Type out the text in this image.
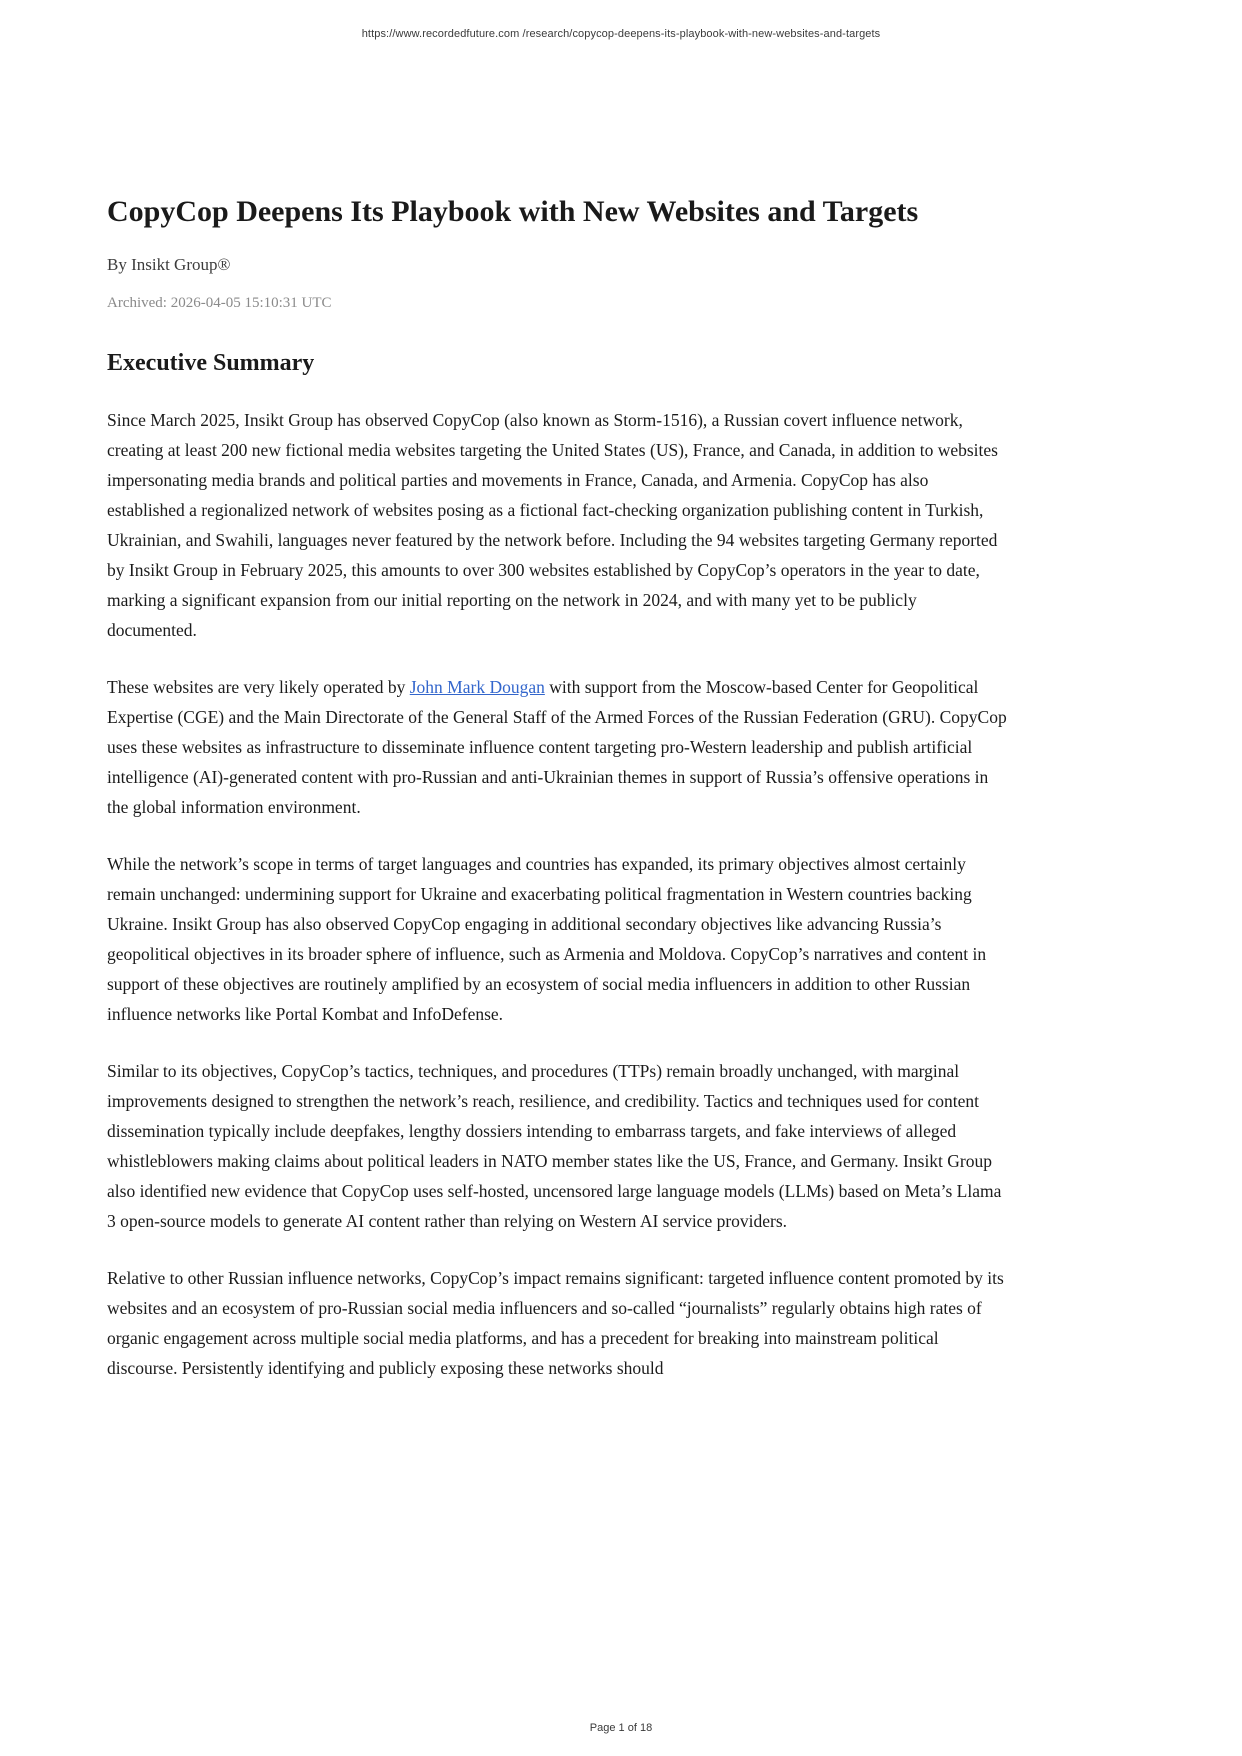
https://www.recordedfuture.com /research/copycop-deepens-its-playbook-with-new-websites-and-targets
CopyCop Deepens Its Playbook with New Websites and Targets

By Insikt Group®

Archived: 2026-04-05 15:10:31 UTC

Executive Summary

Since March 2025, Insikt Group has observed CopyCop (also known as Storm-1516), a Russian covert influence network, creating at least 200 new fictional media websites targeting the United States (US), France, and Canada, in addition to websites impersonating media brands and political parties and movements in France, Canada, and Armenia. CopyCop has also established a regionalized network of websites posing as a fictional fact-checking organization publishing content in Turkish, Ukrainian, and Swahili, languages never featured by the network before. Including the 94 websites targeting Germany reported by Insikt Group in February 2025, this amounts to over 300 websites established by CopyCop’s operators in the year to date, marking a significant expansion from our initial reporting on the network in 2024, and with many yet to be publicly documented.

These websites are very likely operated by John Mark Dougan with support from the Moscow-based Center for Geopolitical Expertise (CGE) and the Main Directorate of the General Staff of the Armed Forces of the Russian Federation (GRU). CopyCop uses these websites as infrastructure to disseminate influence content targeting pro-Western leadership and publish artificial intelligence (AI)-generated content with pro-Russian and anti-Ukrainian themes in support of Russia’s offensive operations in the global information environment.

While the network’s scope in terms of target languages and countries has expanded, its primary objectives almost certainly remain unchanged: undermining support for Ukraine and exacerbating political fragmentation in Western countries backing Ukraine. Insikt Group has also observed CopyCop engaging in additional secondary objectives like advancing Russia’s geopolitical objectives in its broader sphere of influence, such as Armenia and Moldova. CopyCop’s narratives and content in support of these objectives are routinely amplified by an ecosystem of social media influencers in addition to other Russian influence networks like Portal Kombat and InfoDefense.

Similar to its objectives, CopyCop’s tactics, techniques, and procedures (TTPs) remain broadly unchanged, with marginal improvements designed to strengthen the network’s reach, resilience, and credibility. Tactics and techniques used for content dissemination typically include deepfakes, lengthy dossiers intending to embarrass targets, and fake interviews of alleged whistleblowers making claims about political leaders in NATO member states like the US, France, and Germany. Insikt Group also identified new evidence that CopyCop uses self-hosted, uncensored large language models (LLMs) based on Meta’s Llama 3 open-source models to generate AI content rather than relying on Western AI service providers.

Relative to other Russian influence networks, CopyCop’s impact remains significant: targeted influence content promoted by its websites and an ecosystem of pro-Russian social media influencers and so-called “journalists” regularly obtains high rates of organic engagement across multiple social media platforms, and has a precedent for breaking into mainstream political discourse. Persistently identifying and publicly exposing these networks should

Page 1 of 18
